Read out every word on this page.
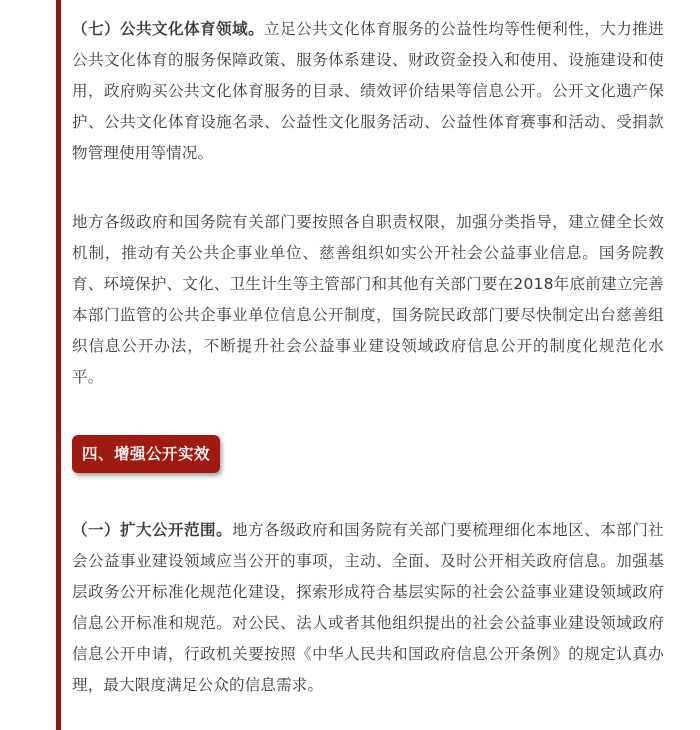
（七）公共文化体育领域。立足公共文化体育服务的公益性均等性便利性，大力推进公共文化体育的服务保障政策、服务体系建设、财政资金投入和使用、设施建设和使用，政府购买公共文化体育服务的目录、绩效评价结果等信息公开。公开文化遗产保护、公共文化体育设施名录、公益性文化服务活动、公益性体育赛事和活动、受捐款物管理使用等情况。

地方各级政府和国务院有关部门要按照各自职责权限，加强分类指导，建立健全长效机制，推动有关公共企事业单位、慈善组织如实公开社会公益事业信息。国务院教育、环境保护、文化、卫生计生等主管部门和其他有关部门要在2018年底前建立完善本部门监管的公共企事业单位信息公开制度，国务院民政部门要尽快制定出台慈善组织信息公开办法，不断提升社会公益事业建设领域政府信息公开的制度化规范化水平。

四、增强公开实效

（一）扩大公开范围。地方各级政府和国务院有关部门要梳理细化本地区、本部门社会公益事业建设领域应当公开的事项，主动、全面、及时公开相关政府信息。加强基层政务公开标准化规范化建设，探索形成符合基层实际的社会公益事业建设领域政府信息公开标准和规范。对公民、法人或者其他组织提出的社会公益事业建设领域政府信息公开申请，行政机关要按照《中华人民共和国政府信息公开条例》的规定认真办理，最大限度满足公众的信息需求。
